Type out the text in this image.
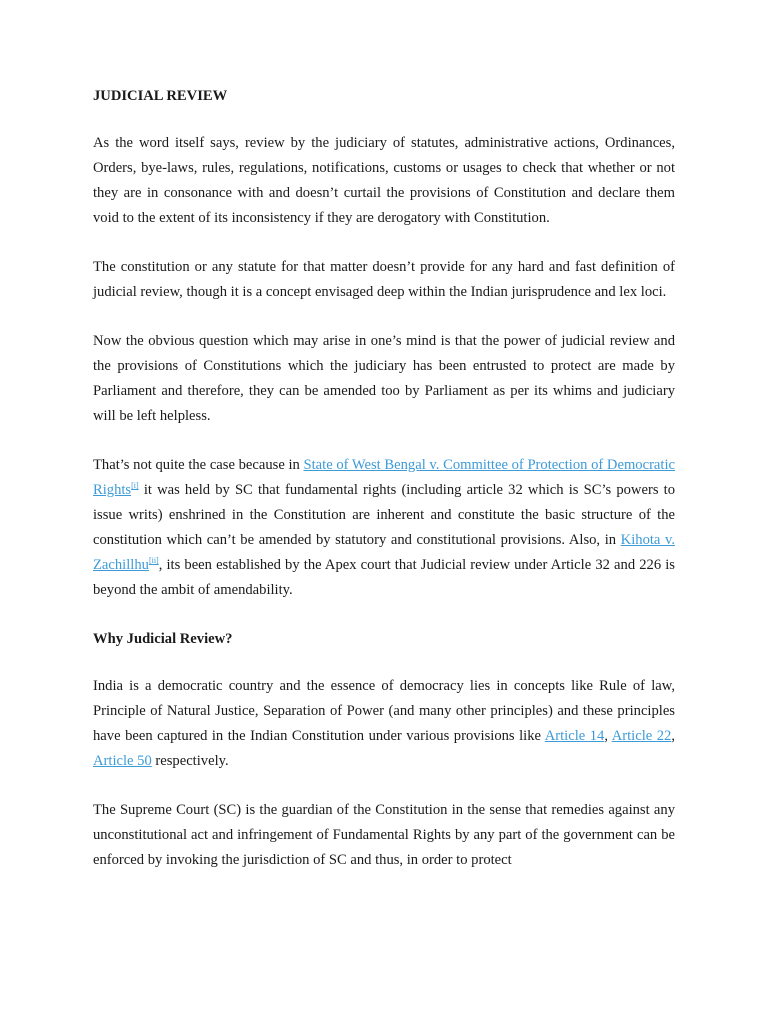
JUDICIAL REVIEW

As the word itself says, review by the judiciary of statutes, administrative actions, Ordinances, Orders, bye-laws, rules, regulations, notifications, customs or usages to check that whether or not they are in consonance with and doesn’t curtail the provisions of Constitution and declare them void to the extent of its inconsistency if they are derogatory with Constitution.

The constitution or any statute for that matter doesn’t provide for any hard and fast definition of judicial review, though it is a concept envisaged deep within the Indian jurisprudence and lex loci.

Now the obvious question which may arise in one’s mind is that the power of judicial review and the provisions of Constitutions which the judiciary has been entrusted to protect are made by Parliament and therefore, they can be amended too by Parliament as per its whims and judiciary will be left helpless.

That’s not quite the case because in State of West Bengal v. Committee of Protection of Democratic Rights[i] it was held by SC that fundamental rights (including article 32 which is SC’s powers to issue writs) enshrined in the Constitution are inherent and constitute the basic structure of the constitution which can’t be amended by statutory and constitutional provisions. Also, in Kihota v. Zachillhu[ii], its been established by the Apex court that Judicial review under Article 32 and 226 is beyond the ambit of amendability.

Why Judicial Review?

India is a democratic country and the essence of democracy lies in concepts like Rule of law, Principle of Natural Justice, Separation of Power (and many other principles) and these principles have been captured in the Indian Constitution under various provisions like Article 14, Article 22, Article 50 respectively.

The Supreme Court (SC) is the guardian of the Constitution in the sense that remedies against any unconstitutional act and infringement of Fundamental Rights by any part of the government can be enforced by invoking the jurisdiction of SC and thus, in order to protect
